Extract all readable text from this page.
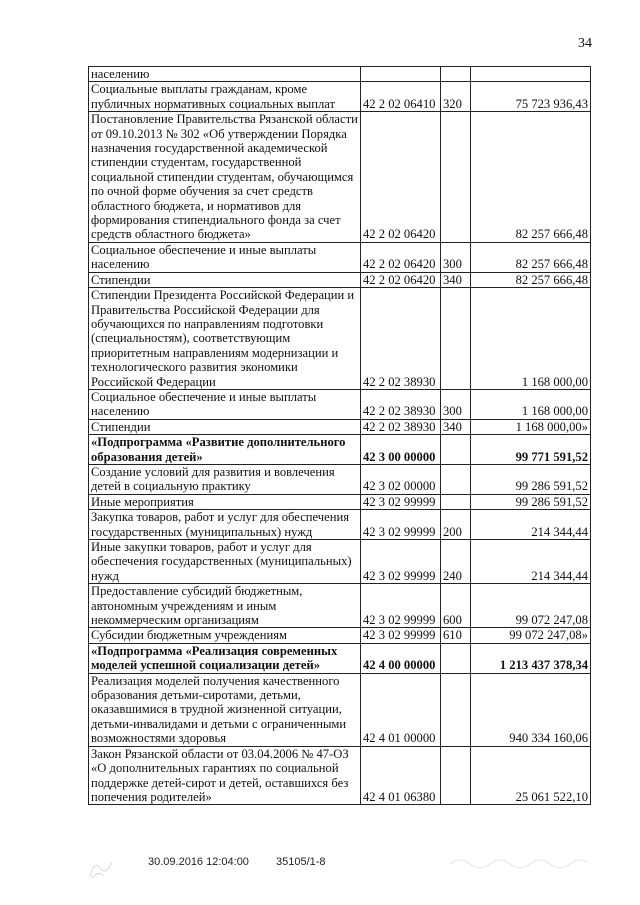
34
населению			
Социальные выплаты гражданам, кроме публичных нормативных социальных выплат	42 2 02 06410	320	75 723 936,43
Постановление Правительства Рязанской области от 09.10.2013 № 302 «Об утверждении Порядка назначения государственной академической стипендии студентам, государственной социальной стипендии студентам, обучающимся по очной форме обучения за счет средств областного бюджета, и нормативов для формирования стипендиального фонда за счет средств областного бюджета»	42 2 02 06420		82 257 666,48
Социальное обеспечение и иные выплаты населению	42 2 02 06420	300	82 257 666,48
Стипендии	42 2 02 06420	340	82 257 666,48
Стипендии Президента Российской Федерации и Правительства Российской Федерации для обучающихся по направлениям подготовки (специальностям), соответствующим приоритетным направлениям модернизации и технологического развития экономики Российской Федерации	42 2 02 38930		1 168 000,00
Социальное обеспечение и иные выплаты населению	42 2 02 38930	300	1 168 000,00
Стипендии	42 2 02 38930	340	1 168 000,00»
«Подпрограмма «Развитие дополнительного образования детей»	42 3 00 00000		99 771 591,52
Создание условий для развития и вовлечения детей в социальную практику	42 3 02 00000		99 286 591,52
Иные мероприятия	42 3 02 99999		99 286 591,52
Закупка товаров, работ и услуг для обеспечения государственных (муниципальных) нужд	42 3 02 99999	200	214 344,44
Иные закупки товаров, работ и услуг для обеспечения государственных (муниципальных) нужд	42 3 02 99999	240	214 344,44
Предоставление субсидий бюджетным, автономным учреждениям и иным некоммерческим организациям	42 3 02 99999	600	99 072 247,08
Субсидии бюджетным учреждениям	42 3 02 99999	610	99 072 247,08»
«Подпрограмма «Реализация современных моделей успешной социализации детей»	42 4 00 00000		1 213 437 378,34
Реализация моделей получения качественного образования детьми-сиротами, детьми, оказавшимися в трудной жизненной ситуации, детьми-инвалидами и детьми с ограниченными возможностями здоровья	42 4 01 00000		940 334 160,06
Закон Рязанской области от 03.04.2006 № 47-ОЗ «О дополнительных гарантиях по социальной поддержке детей-сирот и детей, оставшихся без попечения родителей»	42 4 01 06380		25 061 522,10
30.09.2016 12:04:00 35105/1-8
